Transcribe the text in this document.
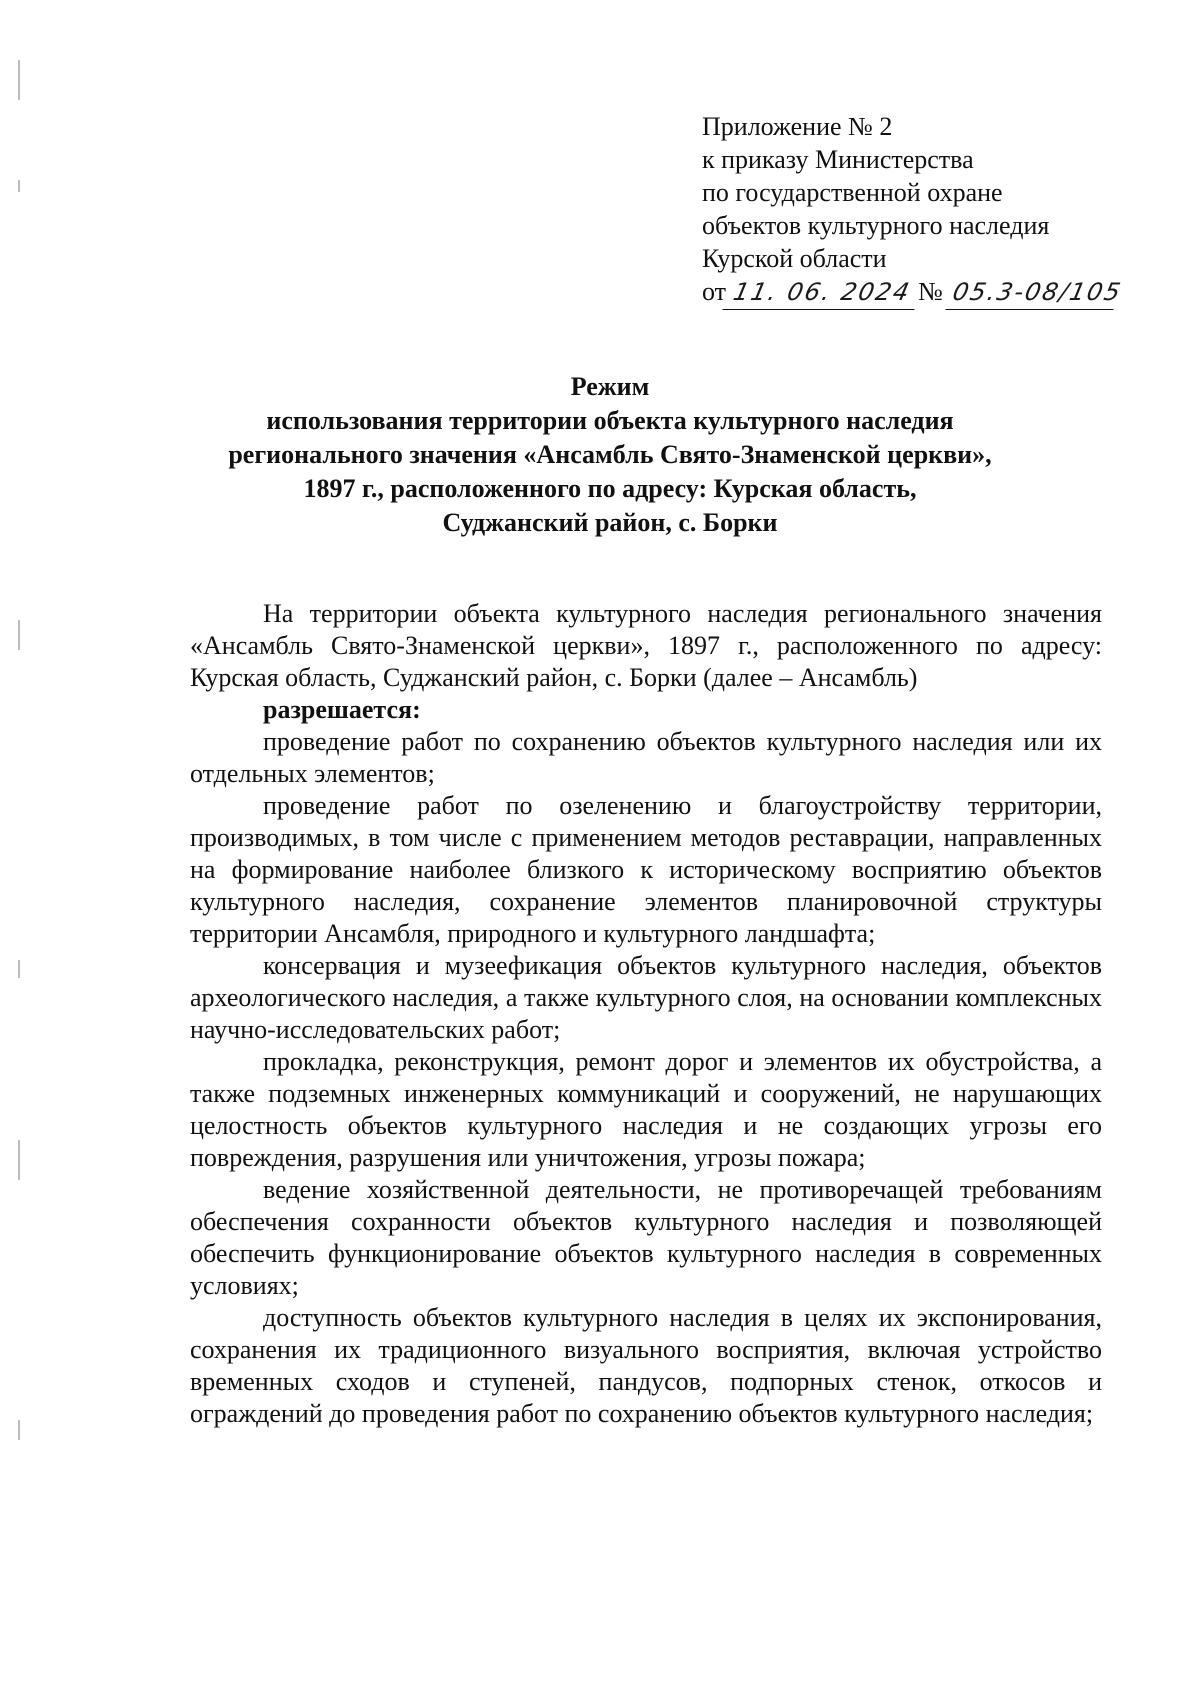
Приложение № 2
к приказу Министерства
по государственной охране
объектов культурного наследия
Курской области
от 11. 06. 2024 № 05.3-08/105
Режим
использования территории объекта культурного наследия
регионального значения «Ансамбль Свято-Знаменской церкви»,
1897 г., расположенного по адресу: Курская область,
Суджанский район, с. Борки

На территории объекта культурного наследия регионального значения «Ансамбль Свято-Знаменской церкви», 1897 г., расположенного по адресу: Курская область, Суджанский район, с. Борки (далее – Ансамбль)

разрешается:

проведение работ по сохранению объектов культурного наследия или их отдельных элементов;

проведение работ по озеленению и благоустройству территории, производимых, в том числе с применением методов реставрации, направленных на формирование наиболее близкого к историческому восприятию объектов культурного наследия, сохранение элементов планировочной структуры территории Ансамбля, природного и культурного ландшафта;

консервация и музеефикация объектов культурного наследия, объектов археологического наследия, а также культурного слоя, на основании комплексных научно-исследовательских работ;

прокладка, реконструкция, ремонт дорог и элементов их обустройства, а также подземных инженерных коммуникаций и сооружений, не нарушающих целостность объектов культурного наследия и не создающих угрозы его повреждения, разрушения или уничтожения, угрозы пожара;

ведение хозяйственной деятельности, не противоречащей требованиям обеспечения сохранности объектов культурного наследия и позволяющей обеспечить функционирование объектов культурного наследия в современных условиях;

доступность объектов культурного наследия в целях их экспонирования, сохранения их традиционного визуального восприятия, включая устройство временных сходов и ступеней, пандусов, подпорных стенок, откосов и ограждений до проведения работ по сохранению объектов культурного наследия;
